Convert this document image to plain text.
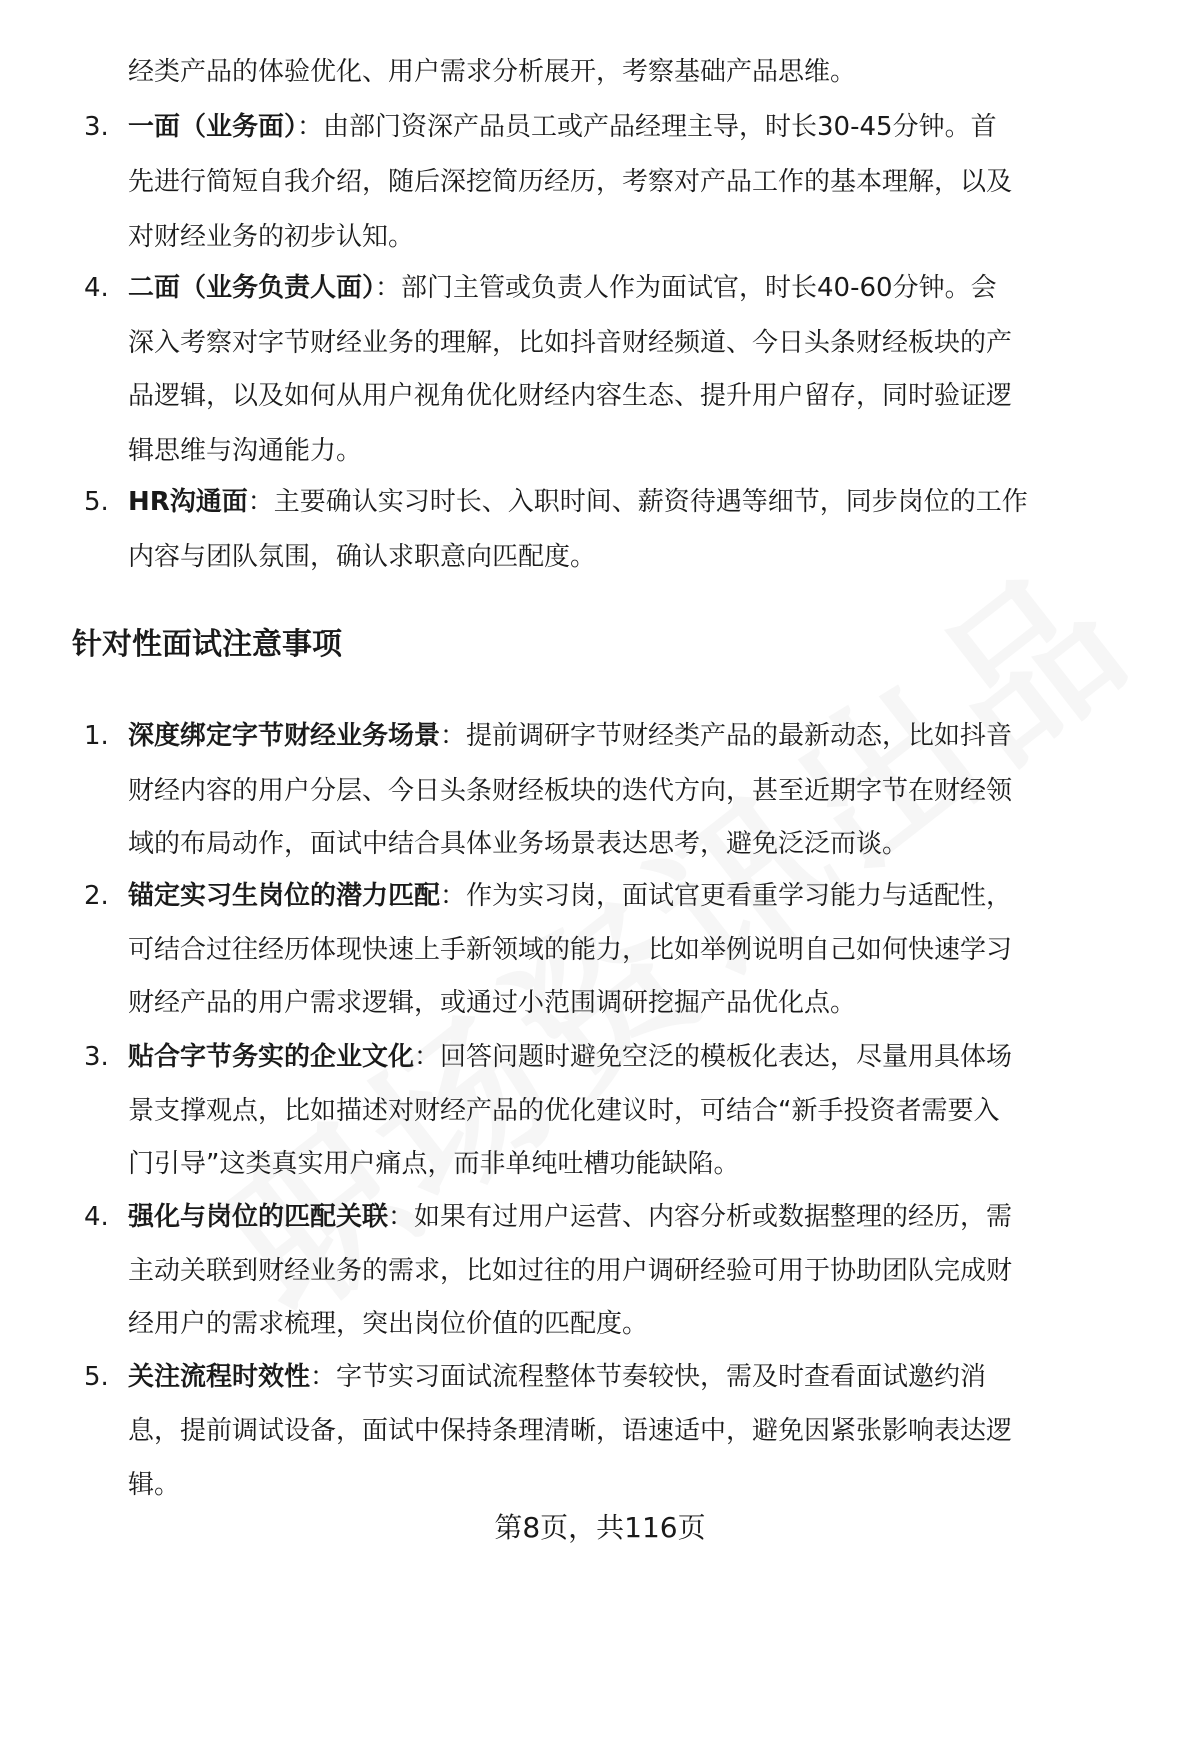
经类产品的体验优化、用户需求分析展开，考察基础产品思维。
3. 一面（业务面）：由部门资深产品员工或产品经理主导，时长30-45分钟。首
先进行简短自我介绍，随后深挖简历经历，考察对产品工作的基本理解，以及
对财经业务的初步认知。
4. 二面（业务负责人面）：部门主管或负责人作为面试官，时长40-60分钟。会
深入考察对字节财经业务的理解，比如抖音财经频道、今日头条财经板块的产
品逻辑，以及如何从用户视角优化财经内容生态、提升用户留存，同时验证逻
辑思维与沟通能力。
5. HR沟通面：主要确认实习时长、入职时间、薪资待遇等细节，同步岗位的工作
内容与团队氛围，确认求职意向匹配度。
针对性面试注意事项
1. 深度绑定字节财经业务场景：提前调研字节财经类产品的最新动态，比如抖音
财经内容的用户分层、今日头条财经板块的迭代方向，甚至近期字节在财经领
域的布局动作，面试中结合具体业务场景表达思考，避免泛泛而谈。
2. 锚定实习生岗位的潜力匹配：作为实习岗，面试官更看重学习能力与适配性，
可结合过往经历体现快速上手新领域的能力，比如举例说明自己如何快速学习
财经产品的用户需求逻辑，或通过小范围调研挖掘产品优化点。
3. 贴合字节务实的企业文化：回答问题时避免空泛的模板化表达，尽量用具体场
景支撑观点，比如描述对财经产品的优化建议时，可结合“新手投资者需要入
门引导”这类真实用户痛点，而非单纯吐槽功能缺陷。
4. 强化与岗位的匹配关联：如果有过用户运营、内容分析或数据整理的经历，需
主动关联到财经业务的需求，比如过往的用户调研经验可用于协助团队完成财
经用户的需求梳理，突出岗位价值的匹配度。
5. 关注流程时效性：字节实习面试流程整体节奏较快，需及时查看面试邀约消
息，提前调试设备，面试中保持条理清晰，语速适中，避免因紧张影响表达逻
辑。
第8页，共116页
